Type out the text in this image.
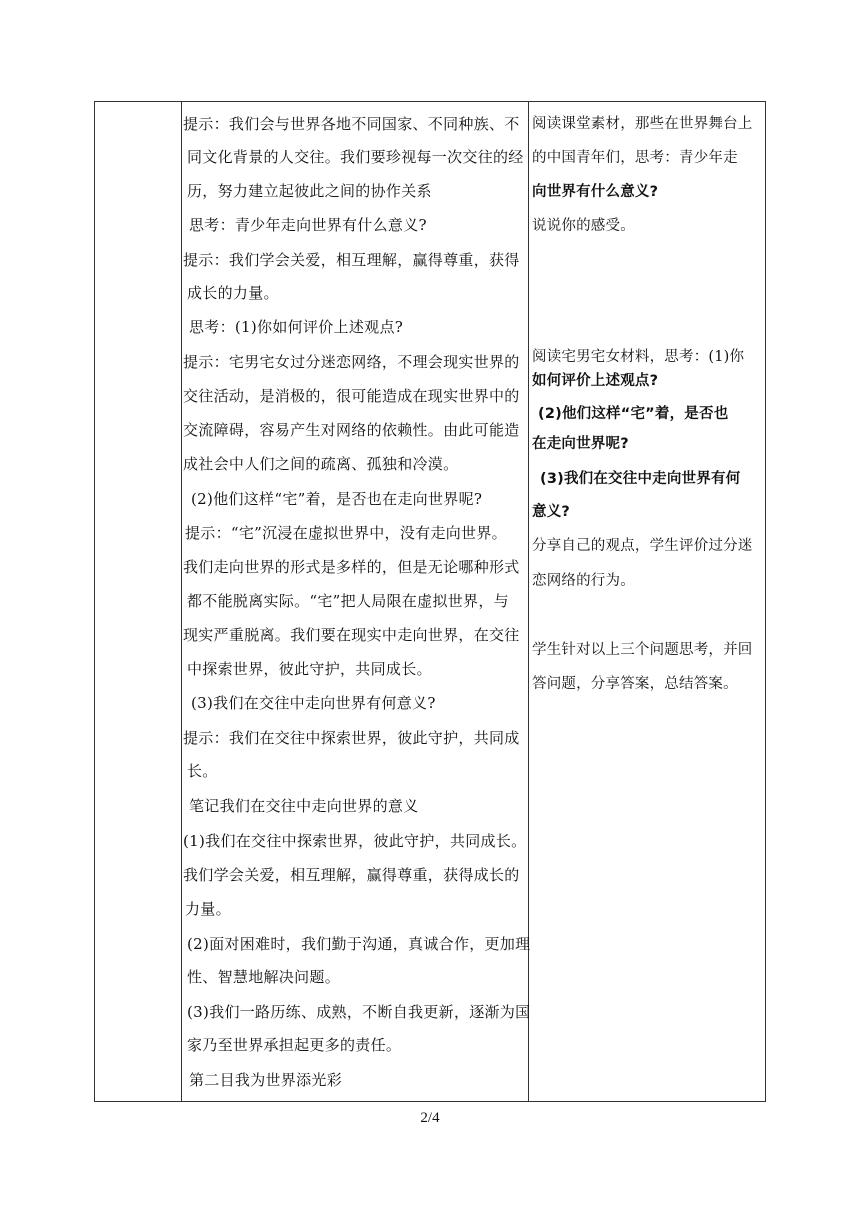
提示：我们会与世界各地不同国家、不同种族、不
同文化背景的人交往。我们要珍视每一次交往的经
历，努力建立起彼此之间的协作关系
思考：青少年走向世界有什么意义?
提示：我们学会关爱，相互理解，赢得尊重，获得
成长的力量。
思考：(1)你如何评价上述观点?
提示：宅男宅女过分迷恋网络，不理会现实世界的
交往活动，是消极的，很可能造成在现实世界中的
交流障碍，容易产生对网络的依赖性。由此可能造
成社会中人们之间的疏离、孤独和冷漠。
(2)他们这样“宅”着，是否也在走向世界呢?
提示：“宅”沉浸在虚拟世界中，没有走向世界。
我们走向世界的形式是多样的，但是无论哪种形式
都不能脱离实际。“宅”把人局限在虚拟世界，与
现实严重脱离。我们要在现实中走向世界，在交往
中探索世界，彼此守护，共同成长。
(3)我们在交往中走向世界有何意义?
提示：我们在交往中探索世界，彼此守护，共同成
长。
笔记我们在交往中走向世界的意义
(1)我们在交往中探索世界，彼此守护，共同成长。
我们学会关爱，相互理解，赢得尊重，获得成长的
力量。
(2)面对困难时，我们勤于沟通，真诚合作，更加理
性、智慧地解决问题。
(3)我们一路历练、成熟，不断自我更新，逐渐为国
家乃至世界承担起更多的责任。
第二目我为世界添光彩
阅读课堂素材，那些在世界舞台上
的中国青年们，思考：青少年走
向世界有什么意义?
说说你的感受。
阅读宅男宅女材料，思考：(1)你
如何评价上述观点?
(2)他们这样“宅”着，是否也
在走向世界呢?
(3)我们在交往中走向世界有何
意义?
分享自己的观点，学生评价过分迷
恋网络的行为。
学生针对以上三个问题思考，并回
答问题，分享答案，总结答案。
2/4
